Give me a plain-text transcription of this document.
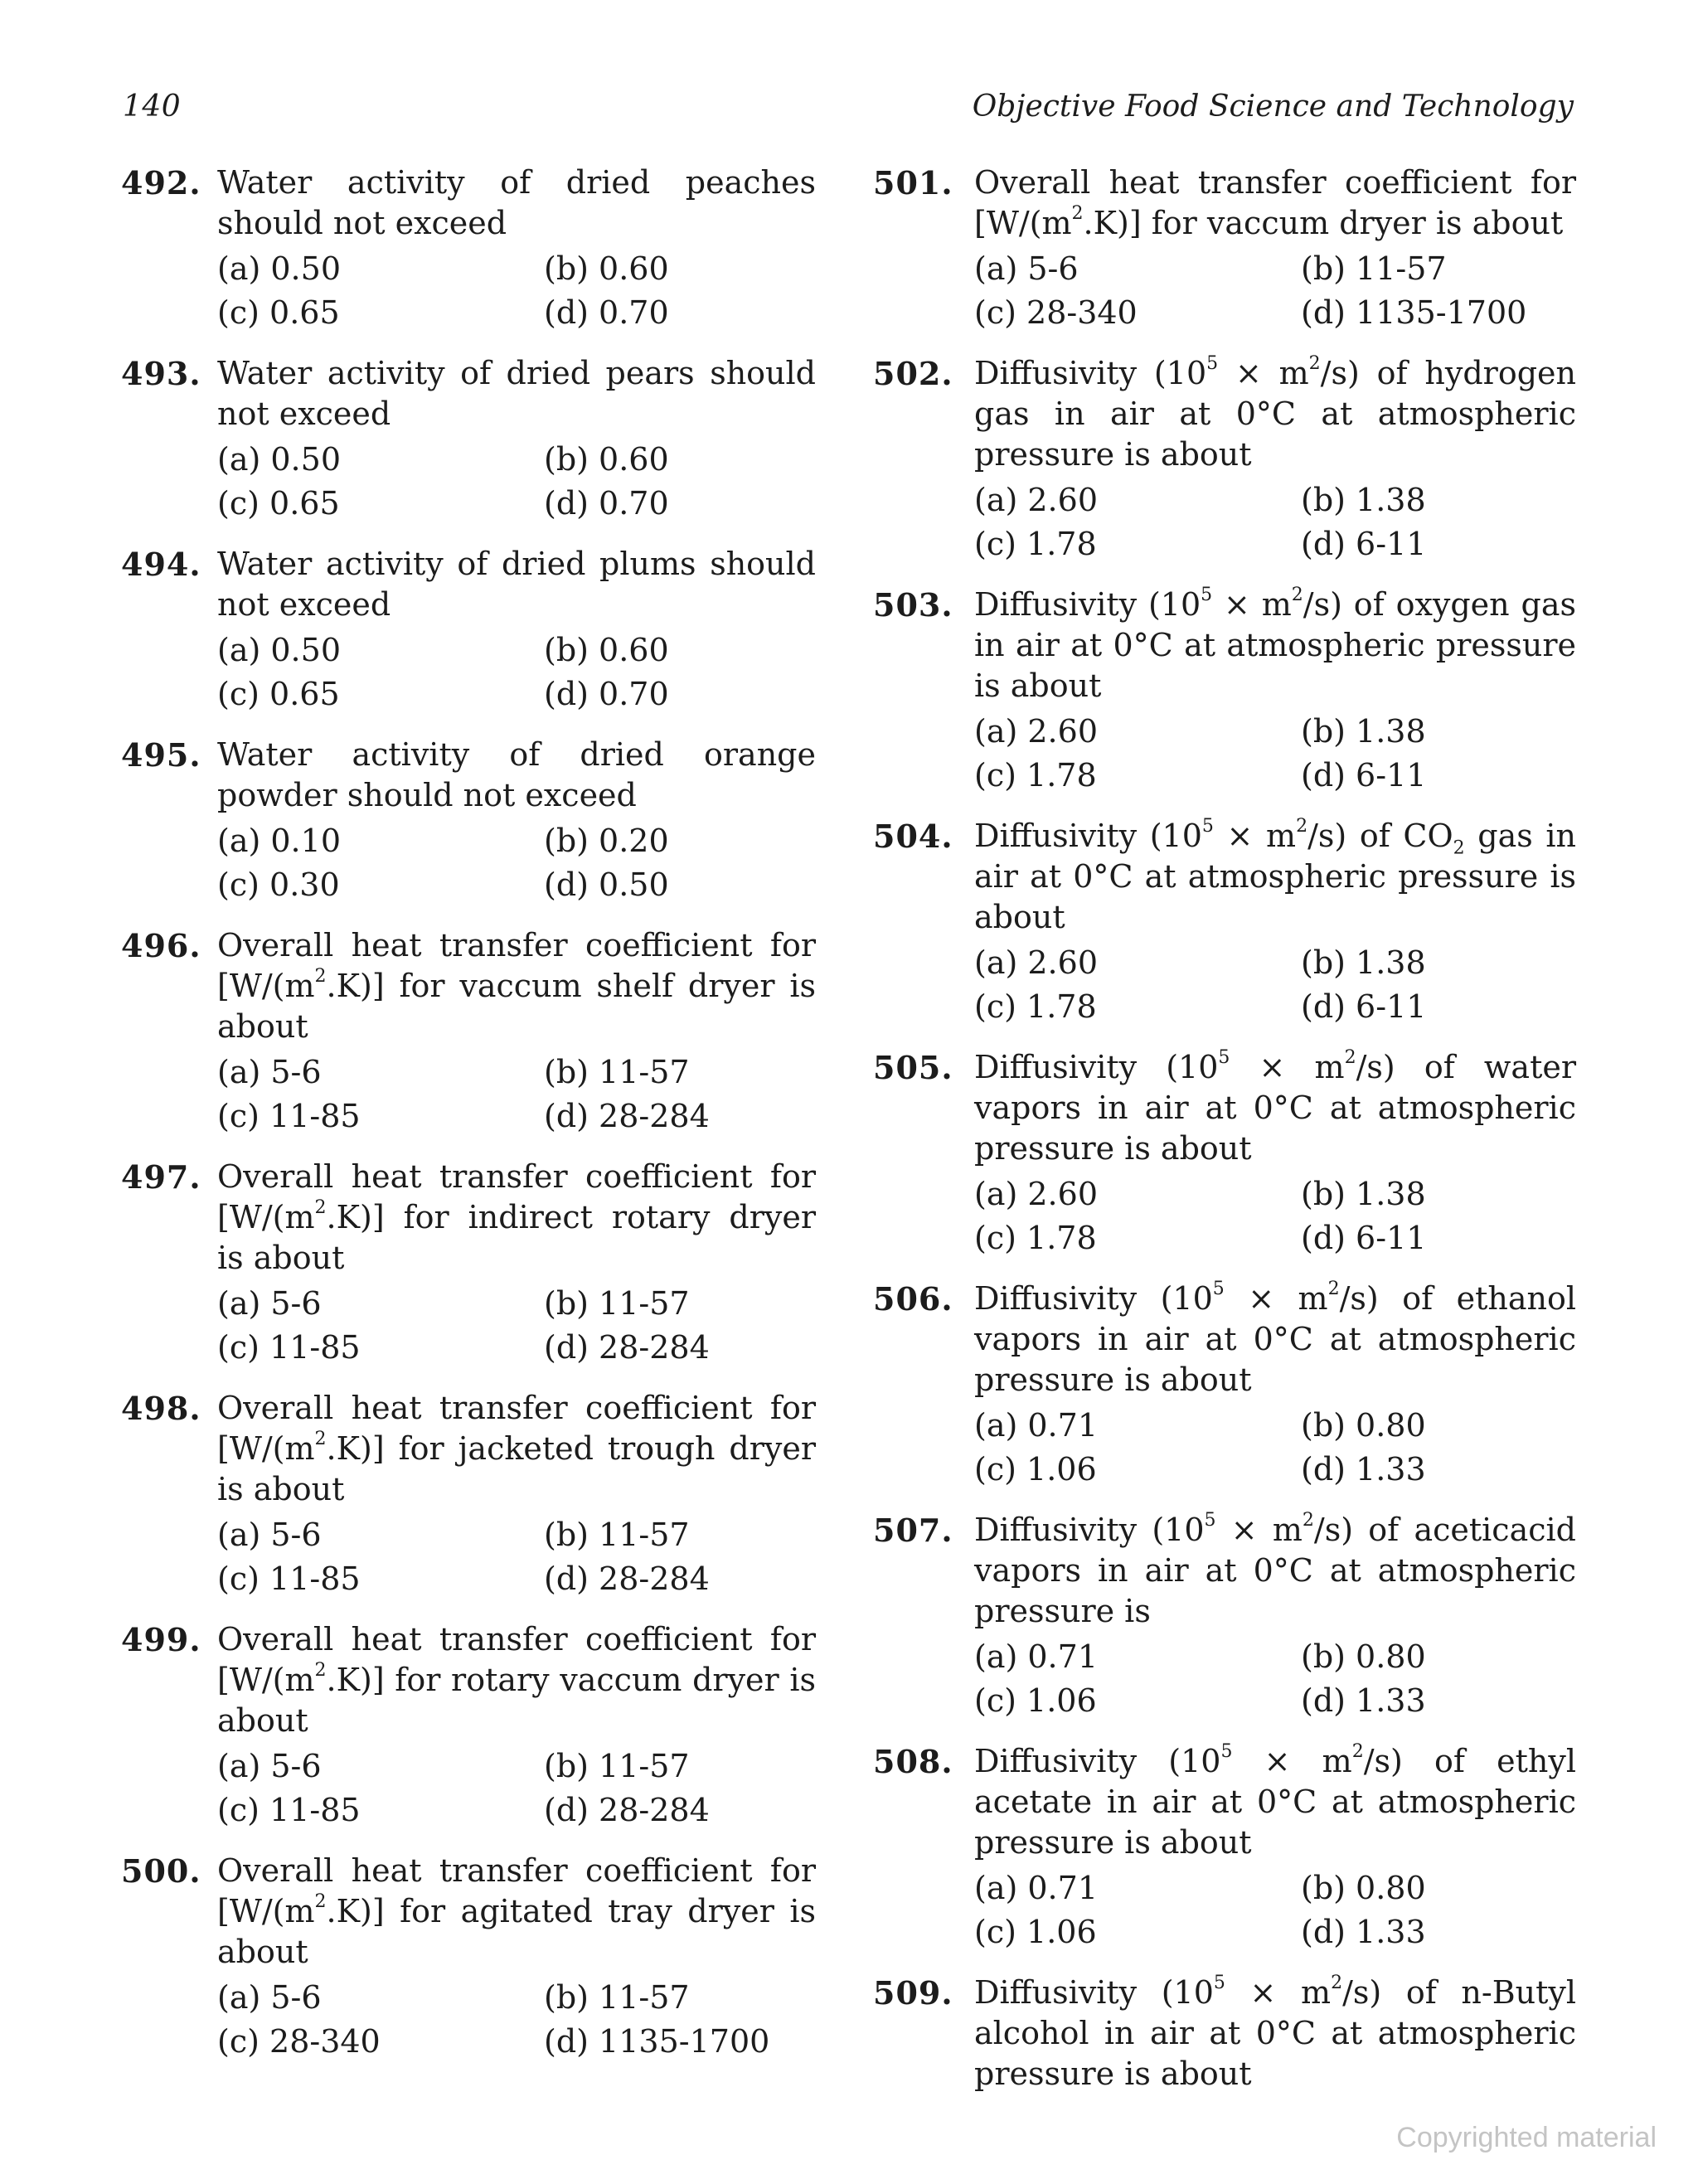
140	Objective Food Science and Technology
492. Water activity of dried peaches should not exceed
(a) 0.50	(b) 0.60
(c) 0.65	(d) 0.70
493. Water activity of dried pears should not exceed
(a) 0.50	(b) 0.60
(c) 0.65	(d) 0.70
494. Water activity of dried plums should not exceed
(a) 0.50	(b) 0.60
(c) 0.65	(d) 0.70
495. Water activity of dried orange powder should not exceed
(a) 0.10	(b) 0.20
(c) 0.30	(d) 0.50
496. Overall heat transfer coefficient for $[W/(m^2.K)]$ for vaccum shelf dryer is about
(a) 5-6	(b) 11-57
(c) 11-85	(d) 28-284
497. Overall heat transfer coefficient for $[W/(m^2.K)]$ for indirect rotary dryer is about
(a) 5-6	(b) 11-57
(c) 11-85	(d) 28-284
498. Overall heat transfer coefficient for $[W/(m^2.K)]$ for jacketed trough dryer is about
(a) 5-6	(b) 11-57
(c) 11-85	(d) 28-284
499. Overall heat transfer coefficient for $[W/(m^2.K)]$ for rotary vaccum dryer is about
(a) 5-6	(b) 11-57
(c) 11-85	(d) 28-284
500. Overall heat transfer coefficient for $[W/(m^2.K)]$ for agitated tray dryer is about
(a) 5-6	(b) 11-57
(c) 28-340	(d) 1135-1700
501. Overall heat transfer coefficient for $[W/(m^2.K)]$ for vaccum dryer is about
(a) 5-6	(b) 11-57
(c) 28-340	(d) 1135-1700
502. Diffusivity $(10^5 \times m^2/s)$ of hydrogen gas in air at 0°C at atmospheric pressure is about
(a) 2.60	(b) 1.38
(c) 1.78	(d) 6-11
503. Diffusivity $(10^5 \times m^2/s)$ of oxygen gas in air at 0°C at atmospheric pressure is about
(a) 2.60	(b) 1.38
(c) 1.78	(d) 6-11
504. Diffusivity $(10^5 \times m^2/s)$ of $CO_2$ gas in air at 0°C at atmospheric pressure is about
(a) 2.60	(b) 1.38
(c) 1.78	(d) 6-11
505. Diffusivity $(10^5 \times m^2/s)$ of water vapors in air at 0°C at atmospheric pressure is about
(a) 2.60	(b) 1.38
(c) 1.78	(d) 6-11
506. Diffusivity $(10^5 \times m^2/s)$ of ethanol vapors in air at 0°C at atmospheric pressure is about
(a) 0.71	(b) 0.80
(c) 1.06	(d) 1.33
507. Diffusivity $(10^5 \times m^2/s)$ of aceticacid vapors in air at 0°C at atmospheric pressure is
(a) 0.71	(b) 0.80
(c) 1.06	(d) 1.33
508. Diffusivity $(10^5 \times m^2/s)$ of ethyl acetate in air at 0°C at atmospheric pressure is about
(a) 0.71	(b) 0.80
(c) 1.06	(d) 1.33
509. Diffusivity $(10^5 \times m^2/s)$ of n-Butyl alcohol in air at 0°C at atmospheric pressure is about
Copyrighted material
